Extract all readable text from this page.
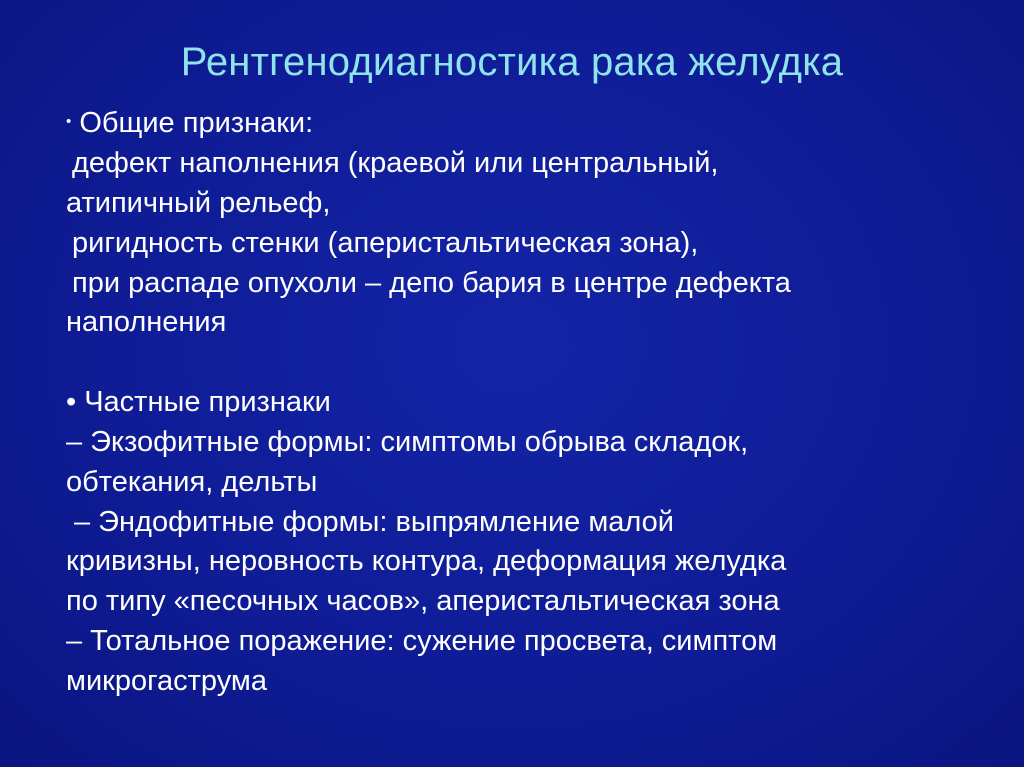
Рентгенодиагностика рака желудка
• Общие признаки:
дефект наполнения (краевой или центральный,
атипичный рельеф,
ригидность стенки (аперистальтическая зона),
при распаде опухоли – депо бария в центре дефекта
наполнения
• Частные признаки
– Экзофитные формы: симптомы обрыва складок,
обтекания, дельты
– Эндофитные формы: выпрямление малой
кривизны, неровность контура, деформация желудка
по типу «песочных часов», аперистальтическая зона
– Тотальное поражение: сужение просвета, симптом
микрогаструма
